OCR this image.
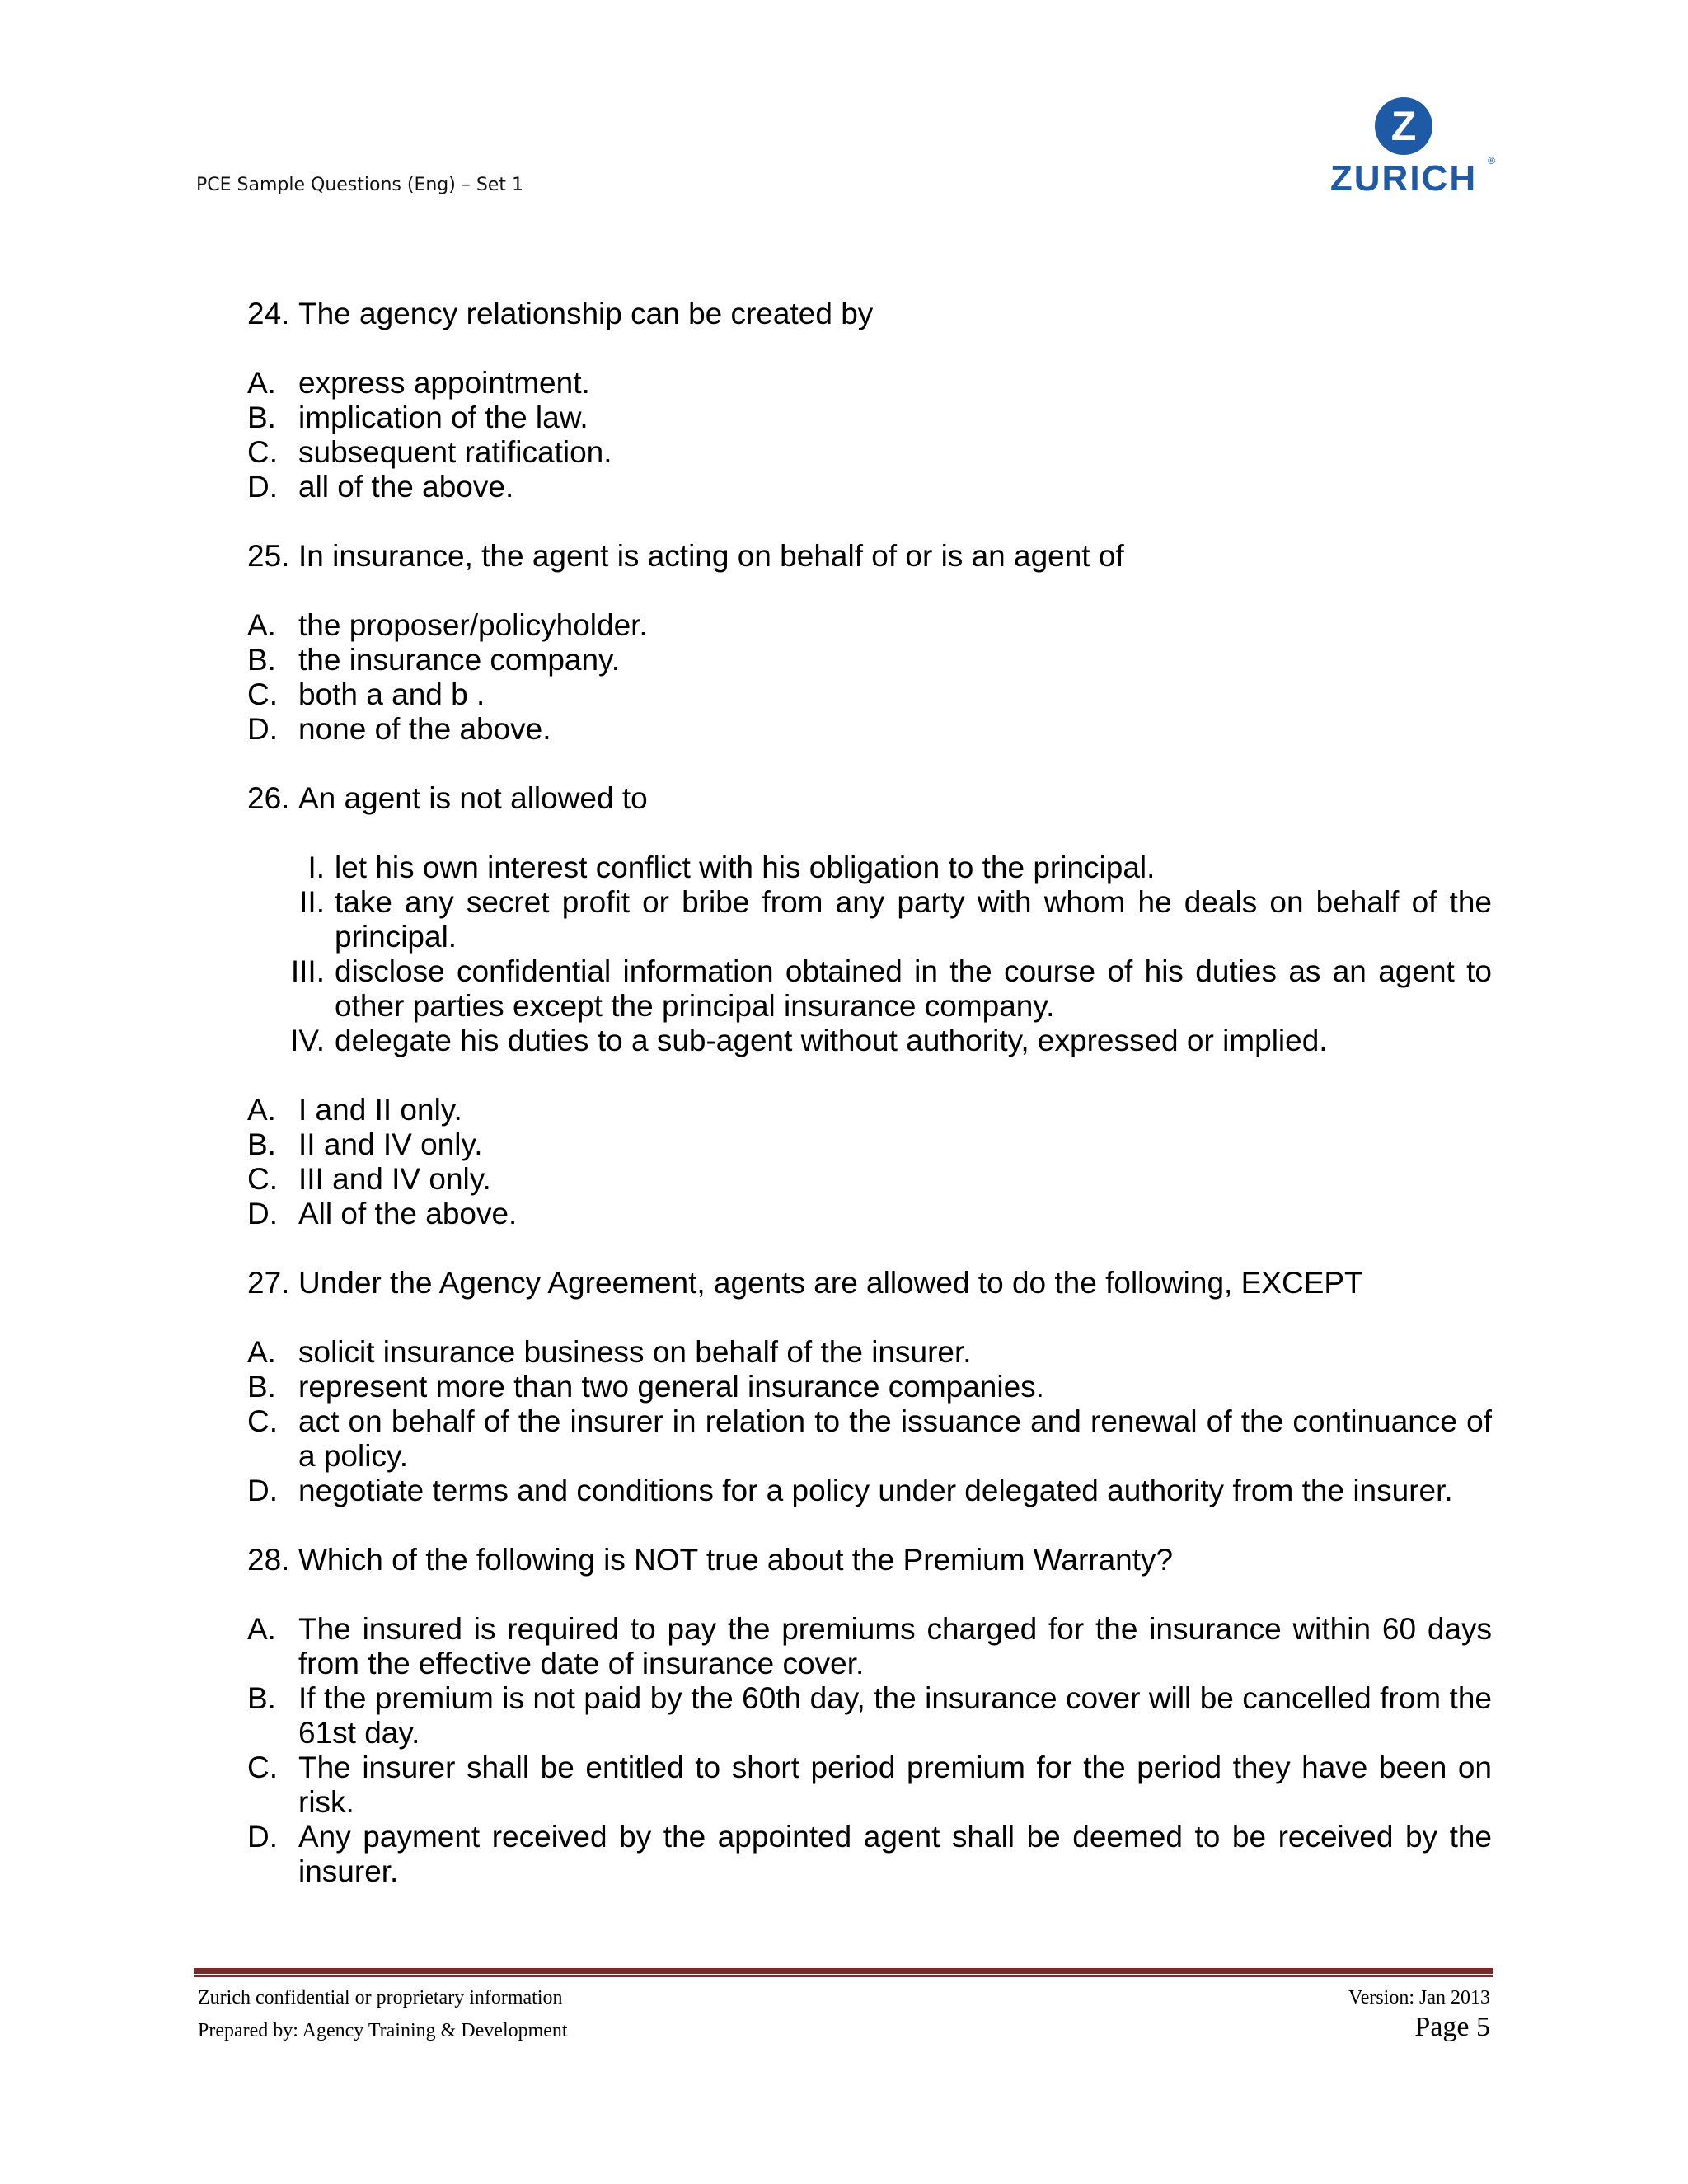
PCE Sample Questions (Eng) – Set 1
Z
ZURICH	®
24. The agency relationship can be created by
A. express appointment.
B. implication of the law.
C. subsequent ratification.
D. all of the above.
25. In insurance, the agent is acting on behalf of or is an agent of
A. the proposer/policyholder.
B. the insurance company.
C. both a and b .
D. none of the above.
26. An agent is not allowed to
I. let his own interest conflict with his obligation to the principal.
II. take any secret profit or bribe from any party with whom he deals on behalf of the principal.
III. disclose confidential information obtained in the course of his duties as an agent to other parties except the principal insurance company.
IV. delegate his duties to a sub-agent without authority, expressed or implied.
A. I and II only.
B. II and IV only.
C. III and IV only.
D. All of the above.
27. Under the Agency Agreement, agents are allowed to do the following, EXCEPT
A. solicit insurance business on behalf of the insurer.
B. represent more than two general insurance companies.
C. act on behalf of the insurer in relation to the issuance and renewal of the continuance of a policy.
D. negotiate terms and conditions for a policy under delegated authority from the insurer.
28. Which of the following is NOT true about the Premium Warranty?
A. The insured is required to pay the premiums charged for the insurance within 60 days from the effective date of insurance cover.
B. If the premium is not paid by the 60th day, the insurance cover will be cancelled from the 61st day.
C. The insurer shall be entitled to short period premium for the period they have been on risk.
D. Any payment received by the appointed agent shall be deemed to be received by the insurer.
Zurich confidential or proprietary information
Prepared by: Agency Training & Development
Version: Jan 2013
Page 5
